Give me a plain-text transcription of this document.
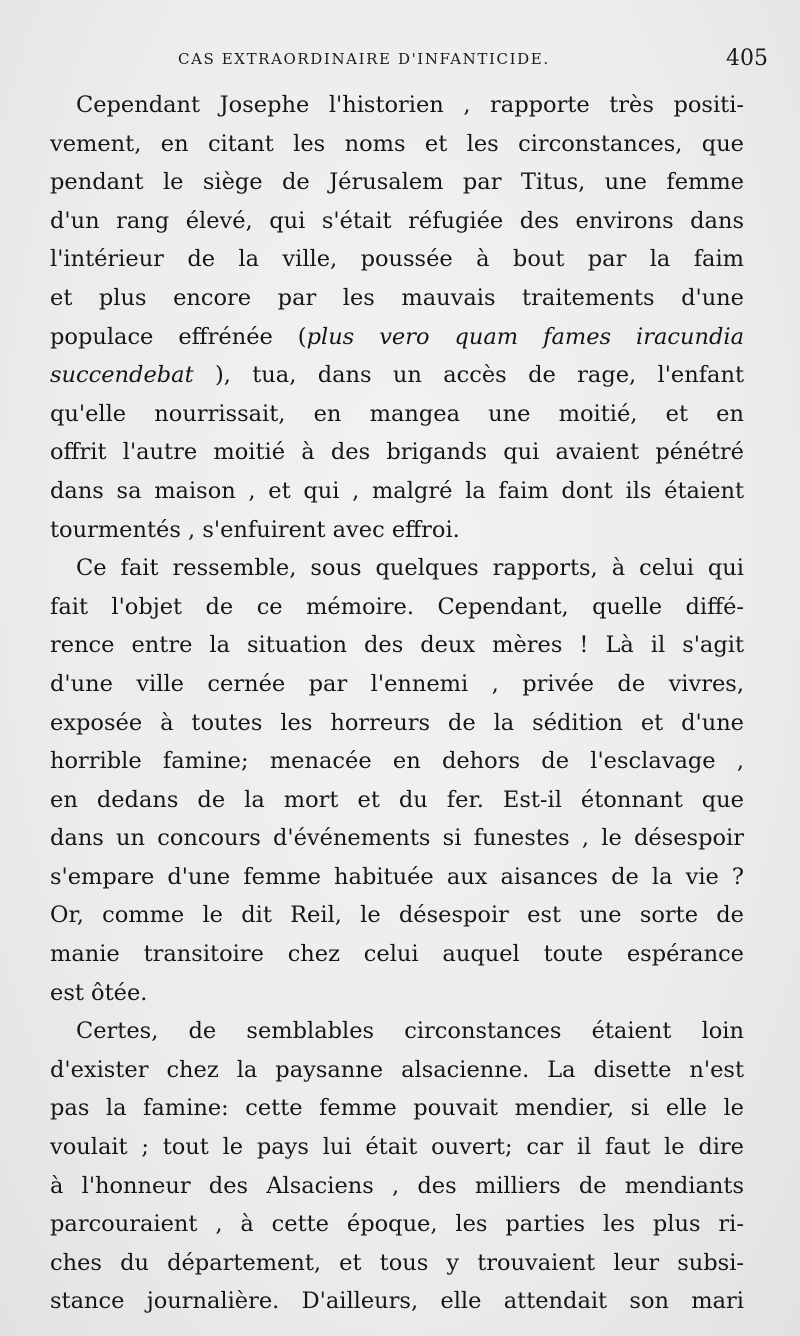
CAS EXTRAORDINAIRE D'INFANTICIDE.	405
Cependant Josephe l'historien , rapporte très positi-
vement, en citant les noms et les circonstances, que
pendant le siège de Jérusalem par Titus, une femme
d'un rang élevé, qui s'était réfugiée des environs dans
l'intérieur de la ville, poussée à bout par la faim
et plus encore par les mauvais traitements d'une
populace effrénée (plus vero quam fames iracundia
succendebat ), tua, dans un accès de rage, l'enfant
qu'elle nourrissait, en mangea une moitié, et en
offrit l'autre moitié à des brigands qui avaient pénétré
dans sa maison , et qui , malgré la faim dont ils étaient
tourmentés , s'enfuirent avec effroi.
Ce fait ressemble, sous quelques rapports, à celui qui
fait l'objet de ce mémoire. Cependant, quelle diffé-
rence entre la situation des deux mères ! Là il s'agit
d'une ville cernée par l'ennemi , privée de vivres,
exposée à toutes les horreurs de la sédition et d'une
horrible famine; menacée en dehors de l'esclavage ,
en dedans de la mort et du fer. Est-il étonnant que
dans un concours d'événements si funestes , le désespoir
s'empare d'une femme habituée aux aisances de la vie ?
Or, comme le dit Reil, le désespoir est une sorte de
manie transitoire chez celui auquel toute espérance
est ôtée.
Certes, de semblables circonstances étaient loin
d'exister chez la paysanne alsacienne. La disette n'est
pas la famine: cette femme pouvait mendier, si elle le
voulait ; tout le pays lui était ouvert; car il faut le dire
à l'honneur des Alsaciens , des milliers de mendiants
parcouraient , à cette époque, les parties les plus ri-
ches du département, et tous y trouvaient leur subsi-
stance journalière. D'ailleurs, elle attendait son mari
